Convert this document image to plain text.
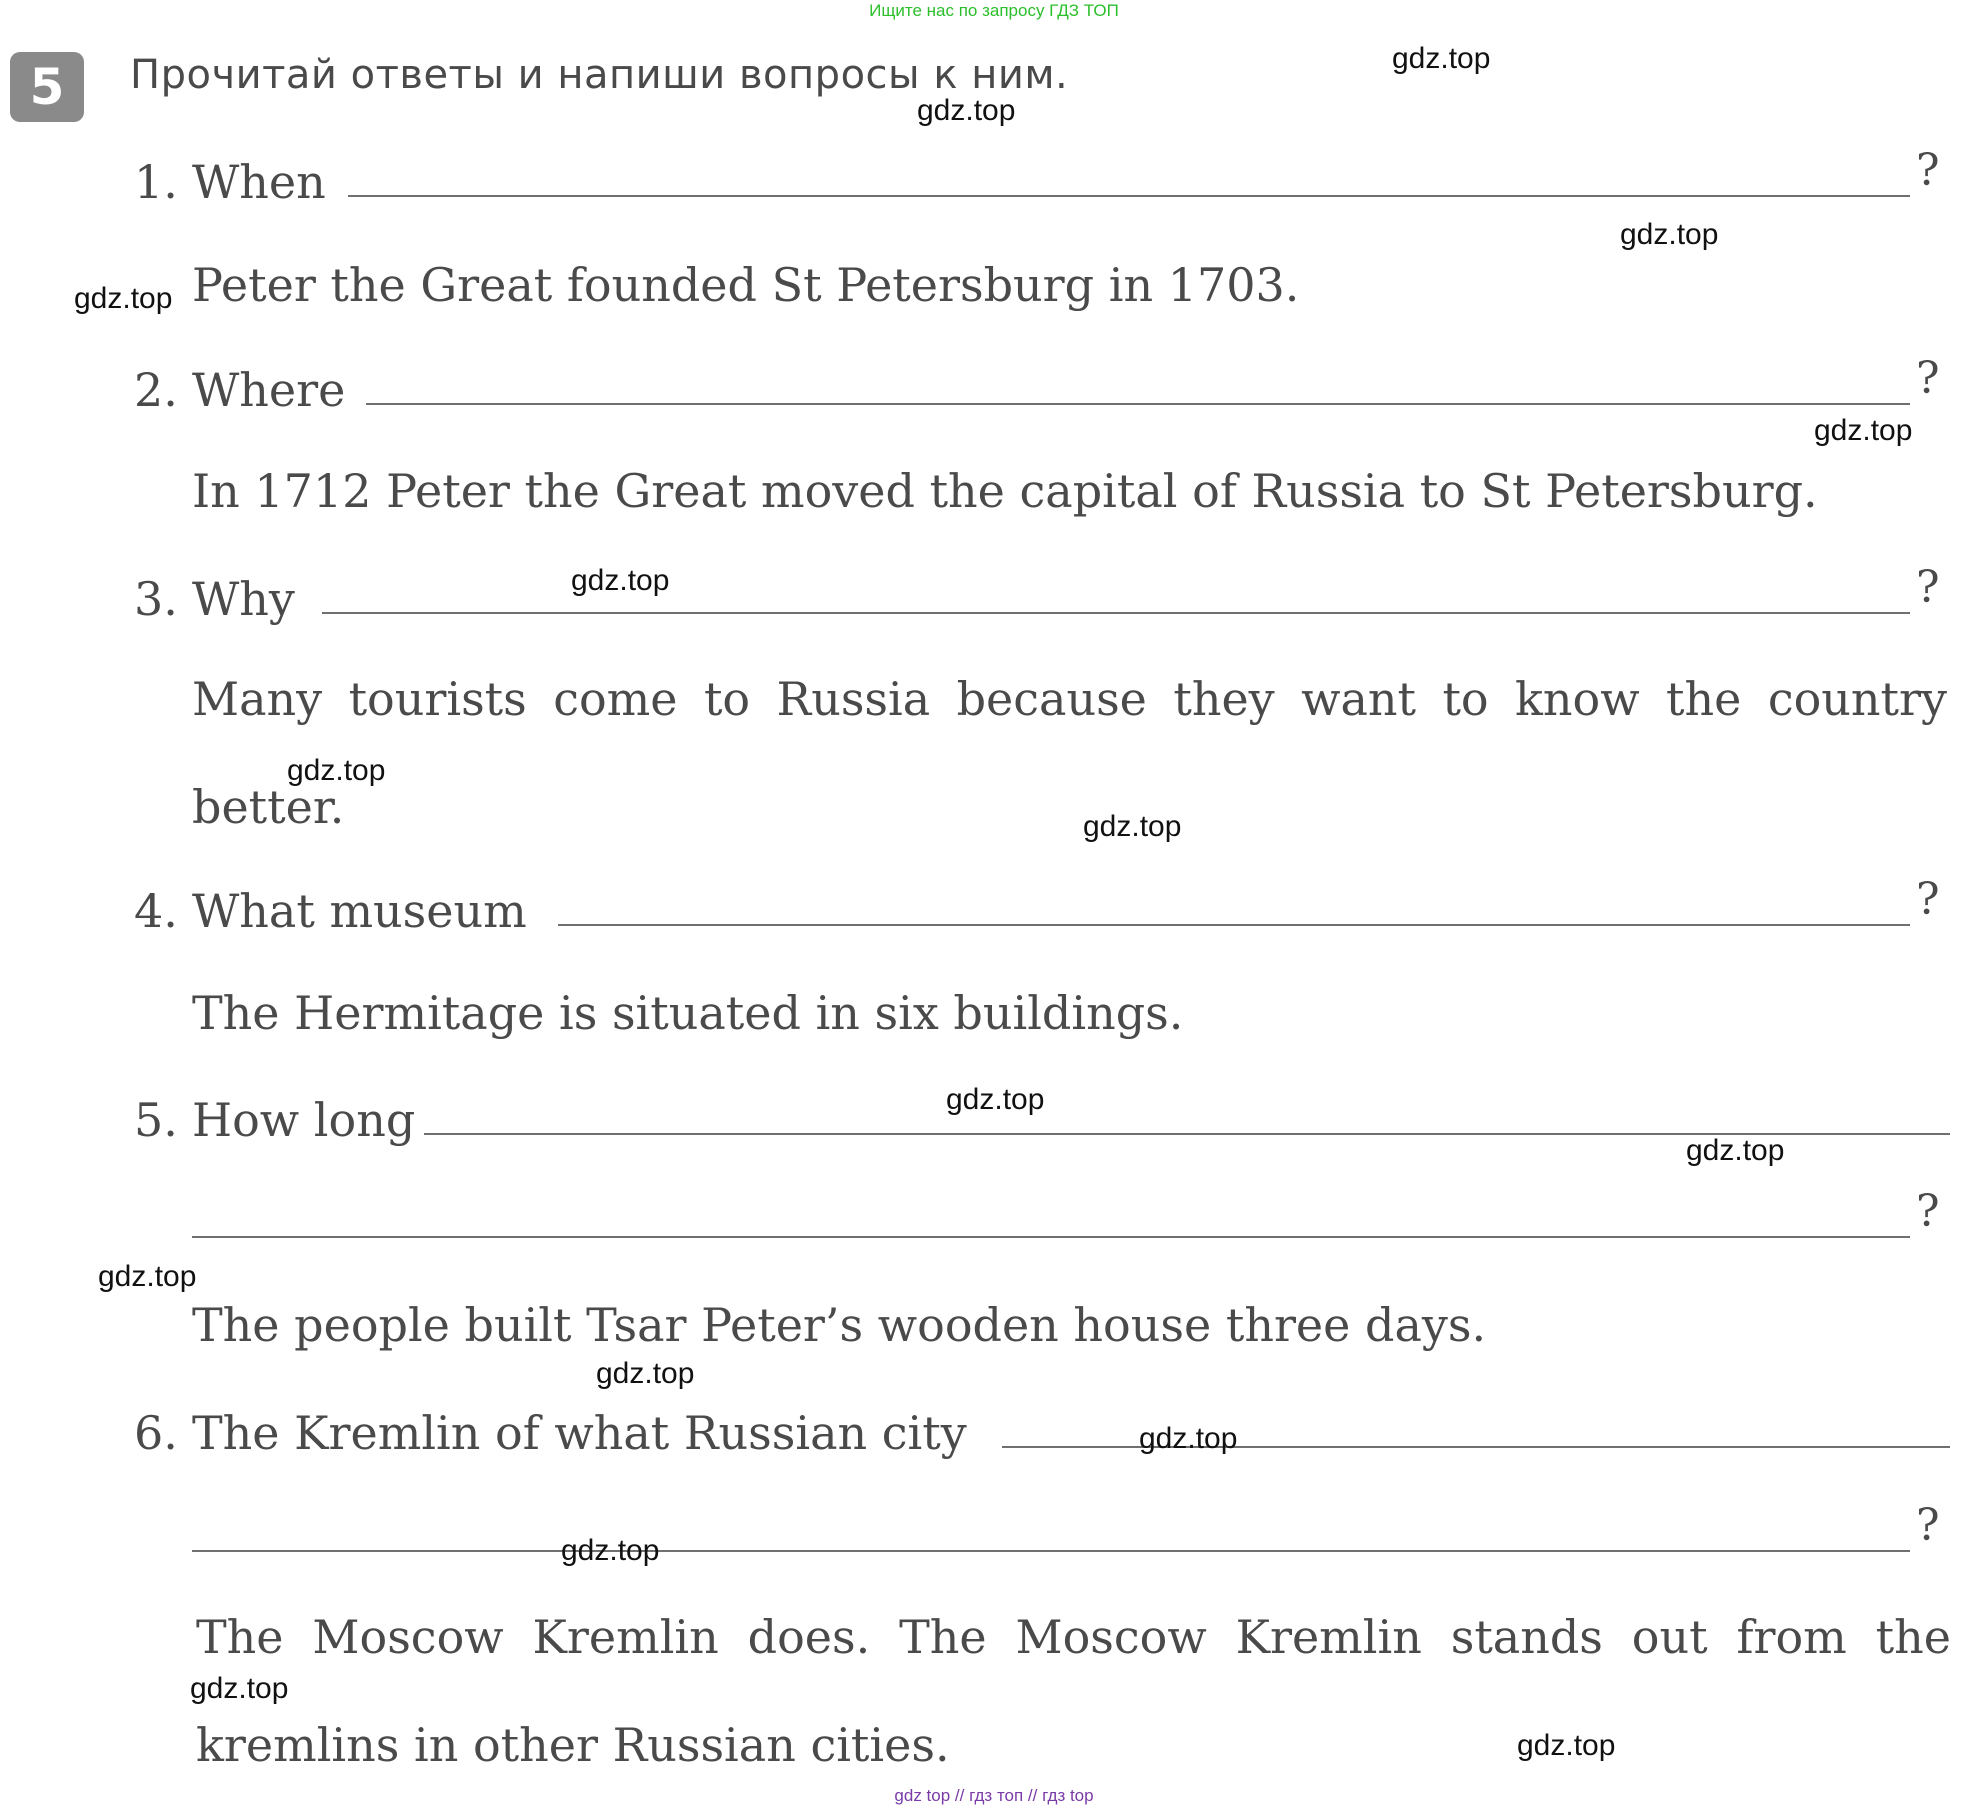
Ищите нас по запросу ГДЗ ТОП
5	Прочитай ответы и напиши вопросы к ним.
1. When	?
Peter the Great founded St Petersburg in 1703.
2. Where	?
In 1712 Peter the Great moved the capital of Russia to St Petersburg.
3. Why	?
Many tourists come to Russia because they want to know the country
better.
4. What museum	?
The Hermitage is situated in six buildings.
5. How long
?
The people built Tsar Peter’s wooden house three days.
6. The Kremlin of what Russian city
?
The Moscow Kremlin does. The Moscow Kremlin stands out from the
kremlins in other Russian cities.
gdz.top
gdz.top
gdz.top
gdz.top
gdz.top
gdz.top
gdz.top
gdz.top
gdz.top
gdz.top
gdz.top
gdz.top
gdz.top
gdz.top
gdz.top
gdz.top
gdz top // гдз топ // гдз top
